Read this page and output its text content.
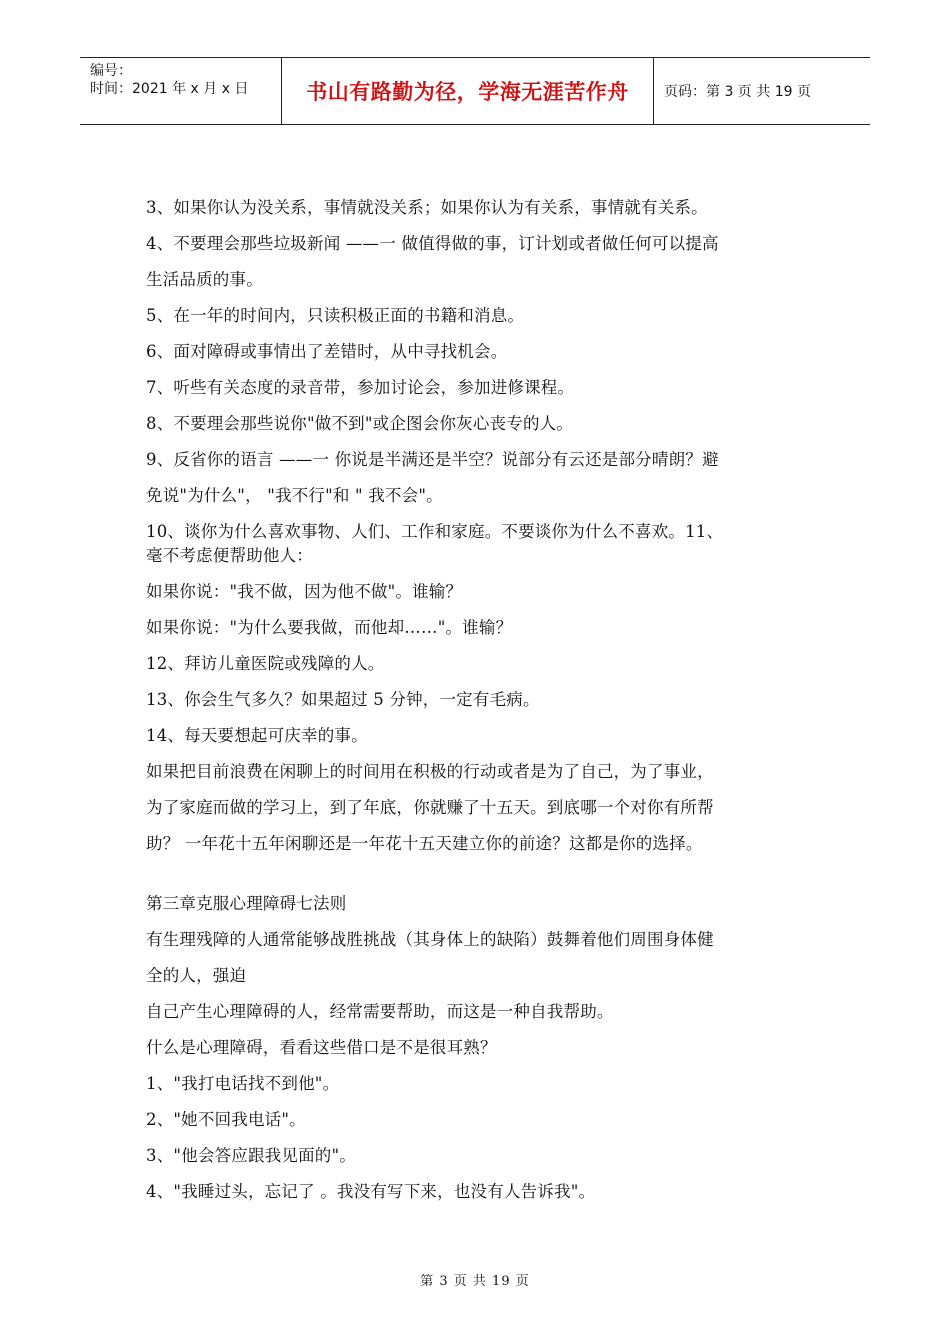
编号：
时间：2021 年 x 月 x 日	书山有路勤为径，学海无涯苦作舟	页码：第 3 页 共 19 页
3、如果你认为没关系，事情就没关系；如果你认为有关系，事情就有关系。
4、不要理会那些垃圾新闻 ——一 做值得做的事，订计划或者做任何可以提高
生活品质的事。
5、在一年的时间内，只读积极正面的书籍和消息。
6、面对障碍或事情出了差错时，从中寻找机会。
7、听些有关态度的录音带，参加讨论会，参加进修课程。
8、不要理会那些说你"做不到"或企图会你灰心丧专的人。
9、反省你的语言 ——一 你说是半满还是半空？说部分有云还是部分晴朗？避
免说"为什么"， "我不行"和 " 我不会"。
10、谈你为什么喜欢事物、人们、工作和家庭。不要谈你为什么不喜欢。11、
毫不考虑便帮助他人：
如果你说："我不做，因为他不做"。谁输？
如果你说："为什么要我做，而他却……"。谁输？
12、拜访儿童医院或残障的人。
13、你会生气多久？如果超过 5 分钟，一定有毛病。
14、每天要想起可庆幸的事。
如果把目前浪费在闲聊上的时间用在积极的行动或者是为了自己，为了事业，
为了家庭而做的学习上，到了年底，你就赚了十五天。到底哪一个对你有所帮
助？ 一年花十五年闲聊还是一年花十五天建立你的前途？这都是你的选择。
第三章克服心理障碍七法则
有生理残障的人通常能够战胜挑战（其身体上的缺陷）鼓舞着他们周围身体健
全的人，强迫
自己产生心理障碍的人，经常需要帮助，而这是一种自我帮助。
什么是心理障碍，看看这些借口是不是很耳熟？
1、"我打电话找不到他"。
2、"她不回我电话"。
3、"他会答应跟我见面的"。
4、"我睡过头，忘记了 。我没有写下来，也没有人告诉我"。
第 3 页 共 19 页
